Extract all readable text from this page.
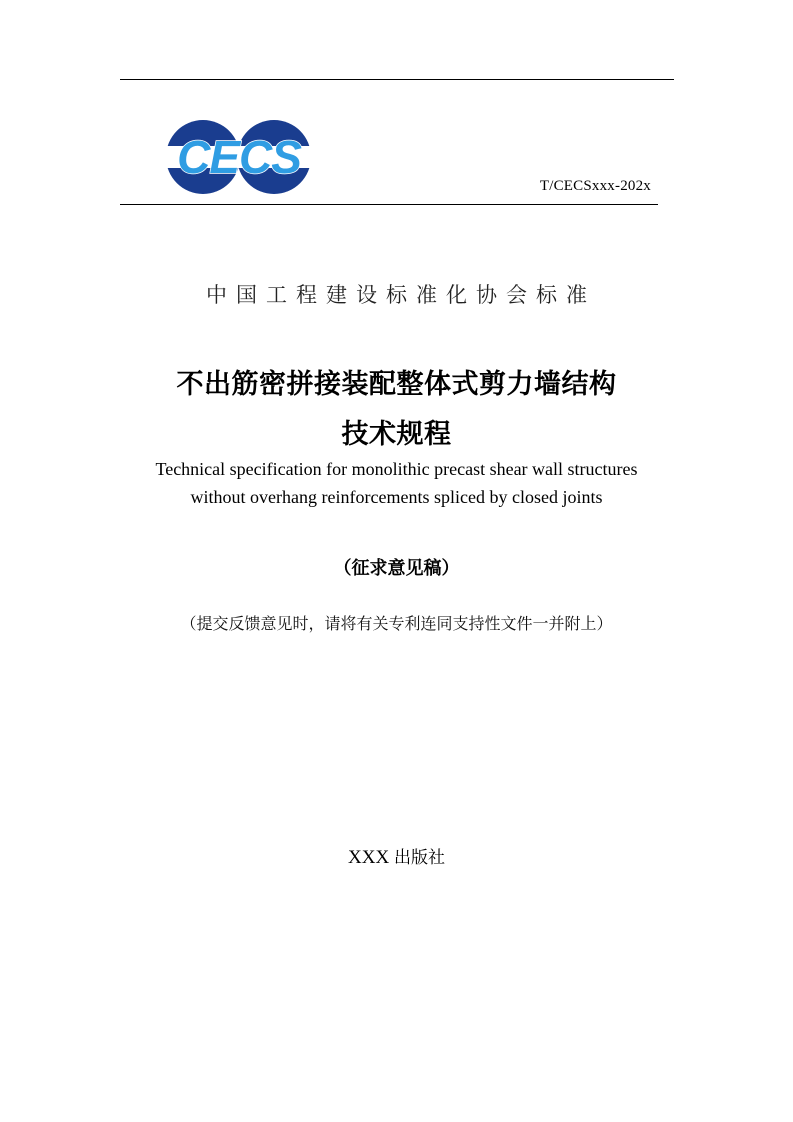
CECS
T/CECSxxx-202x
中国工程建设标准化协会标准
不出筋密拼接装配整体式剪力墙结构
技术规程
Technical specification for monolithic precast shear wall structures
without overhang reinforcements spliced by closed joints
（征求意见稿）
（提交反馈意见时，请将有关专利连同支持性文件一并附上）
XXX 出版社
